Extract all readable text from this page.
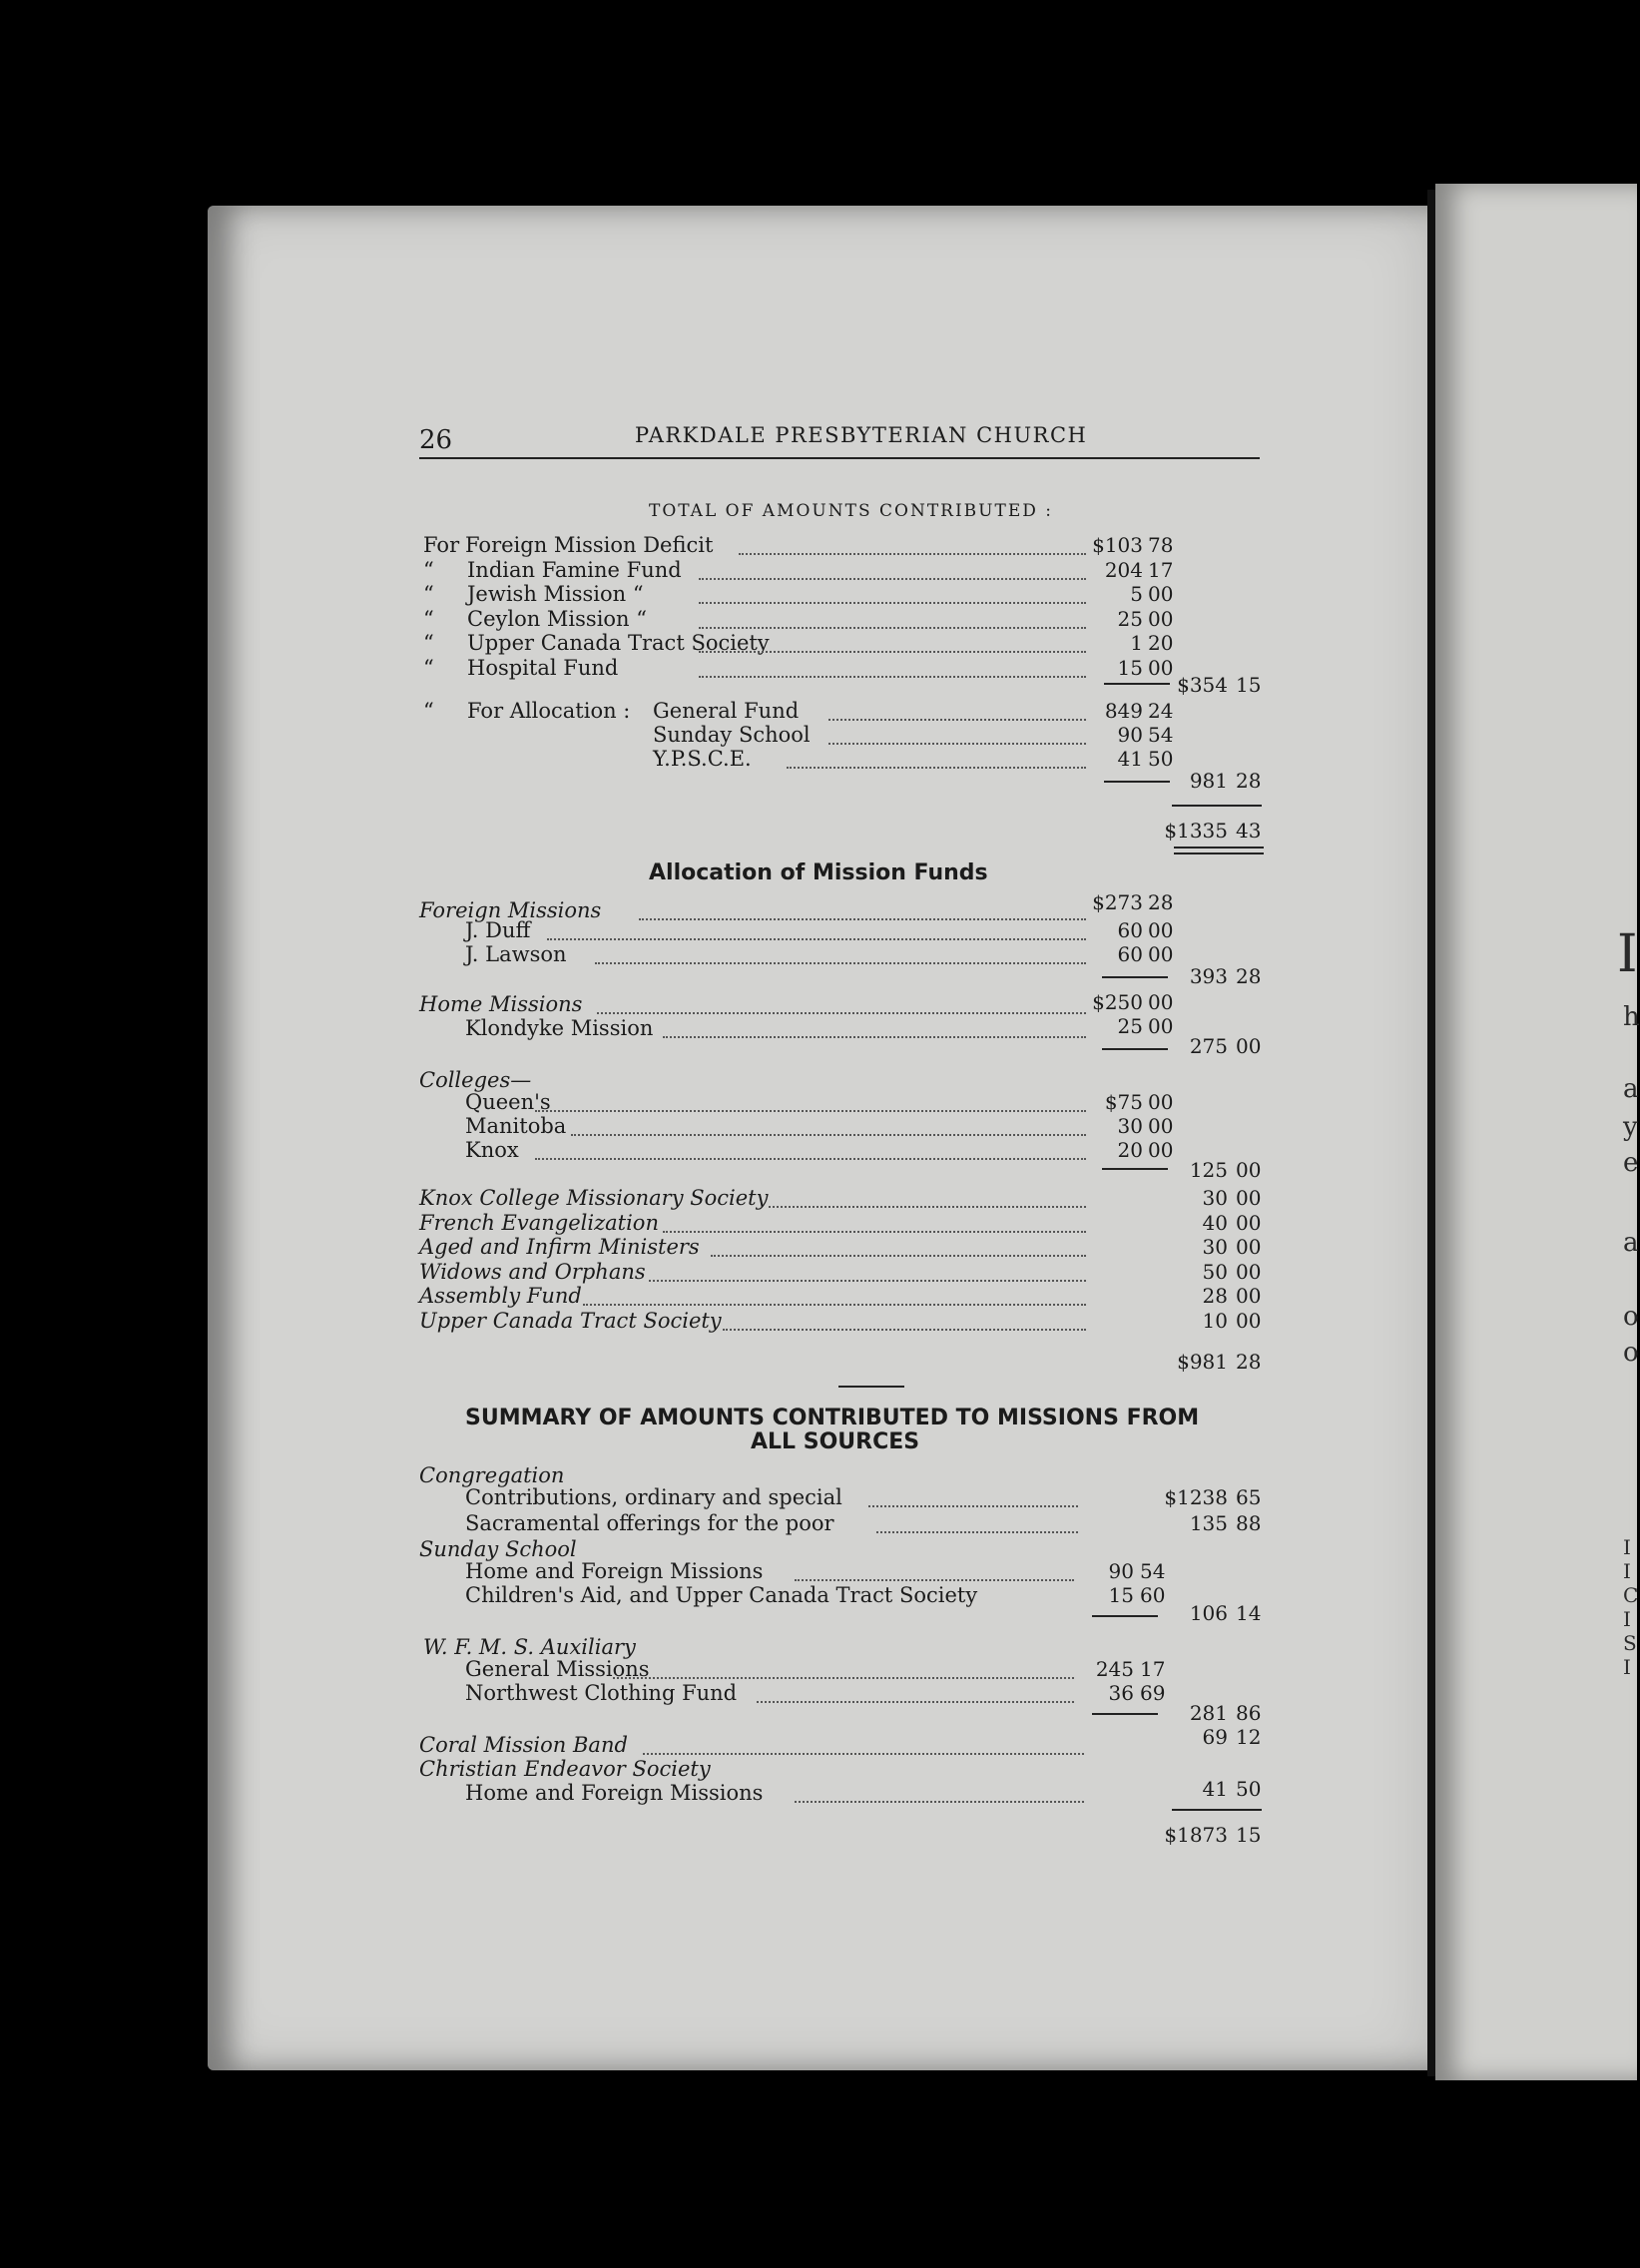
I
h
a
y
e
a
o
o
I
I
C
I
S
I
26	PARKDALE PRESBYTERIAN CHURCH
TOTAL OF AMOUNTS CONTRIBUTED :
For Foreign Mission Deficit	$103 78
“ Indian Famine Fund	204 17
“ Jewish Mission “	5 00
“ Ceylon Mission “	25 00
“ Upper Canada Tract Society	1 20
“ Hospital Fund	15 00
$354 15
“ For Allocation : General Fund	849 24
Sunday School	90 54
Y.P.S.C.E.	41 50
981 28
$1335 43
Allocation of Mission Funds
Foreign Missions	$273 28
J. Duff	60 00
J. Lawson	60 00
393 28
Home Missions	$250 00
Klondyke Mission	25 00
275 00
Colleges—
Queen's	$75 00
Manitoba	30 00
Knox	20 00
125 00
Knox College Missionary Society	30 00
French Evangelization	40 00
Aged and Infirm Ministers	30 00
Widows and Orphans	50 00
Assembly Fund	28 00
Upper Canada Tract Society	10 00
$981 28
SUMMARY OF AMOUNTS CONTRIBUTED TO MISSIONS FROM
ALL SOURCES
Congregation
Contributions, ordinary and special	$1238 65
Sacramental offerings for the poor	135 88
Sunday School
Home and Foreign Missions	90 54
Children's Aid, and Upper Canada Tract Society	15 60
106 14
W. F. M. S. Auxiliary
General Missions	245 17
Northwest Clothing Fund	36 69
281 86
Coral Mission Band	69 12
Christian Endeavor Society
Home and Foreign Missions	41 50
$1873 15
